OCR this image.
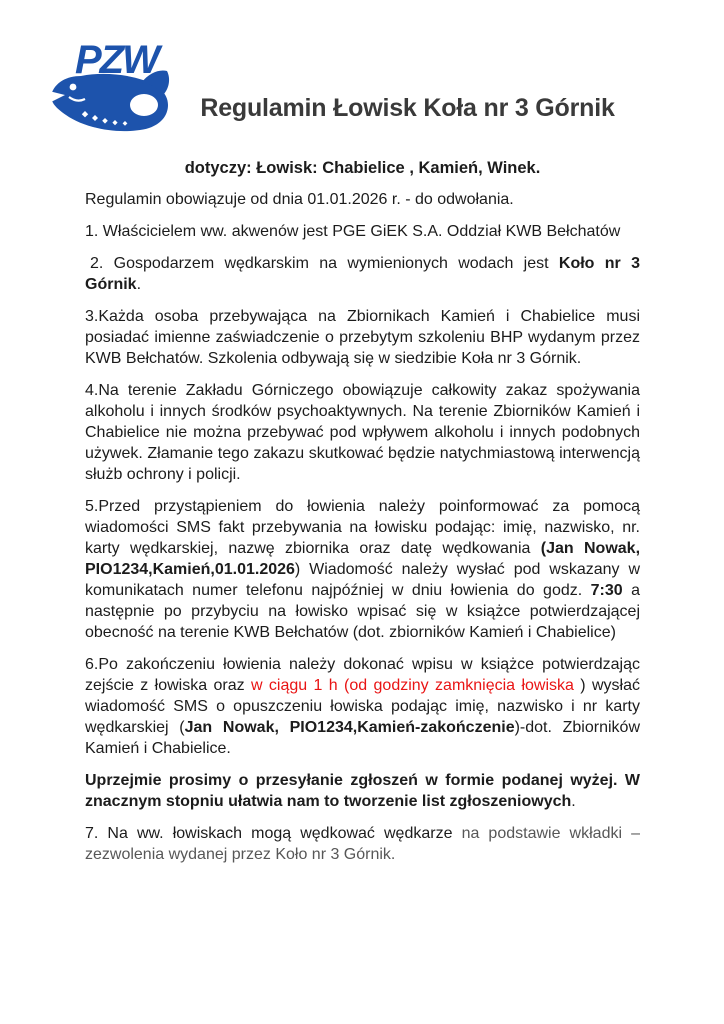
PZW
Regulamin Łowisk Koła nr 3 Górnik
dotyczy: Łowisk: Chabielice , Kamień, Winek.

Regulamin obowiązuje od dnia 01.01.2026 r. - do odwołania.

1. Właścicielem ww. akwenów jest PGE GiEK S.A. Oddział KWB Bełchatów

2. Gospodarzem wędkarskim na wymienionych wodach jest Koło nr 3 Górnik.

3.Każda osoba przebywająca na Zbiornikach Kamień i Chabielice musi posiadać imienne zaświadczenie o przebytym szkoleniu BHP wydanym przez KWB Bełchatów. Szkolenia odbywają się w siedzibie Koła nr 3 Górnik.

4.Na terenie Zakładu Górniczego obowiązuje całkowity zakaz spożywania alkoholu i innych środków psychoaktywnych. Na terenie Zbiorników Kamień i Chabielice nie można przebywać pod wpływem alkoholu i innych podobnych używek. Złamanie tego zakazu skutkować będzie natychmiastową interwencją służb ochrony i policji.

5.Przed przystąpieniem do łowienia należy poinformować za pomocą wiadomości SMS fakt przebywania na łowisku podając: imię, nazwisko, nr. karty wędkarskiej, nazwę zbiornika oraz datę wędkowania (Jan Nowak, PIO1234,Kamień,01.01.2026) Wiadomość należy wysłać pod wskazany w komunikatach numer telefonu najpóźniej w dniu łowienia do godz. 7:30 a następnie po przybyciu na łowisko wpisać się w książce potwierdzającej obecność na terenie KWB Bełchatów (dot. zbiorników Kamień i Chabielice)

6.Po zakończeniu łowienia należy dokonać wpisu w książce potwierdzając zejście z łowiska oraz w ciągu 1 h (od godziny zamknięcia łowiska ) wysłać wiadomość SMS o opuszczeniu łowiska podając imię, nazwisko i nr karty wędkarskiej (Jan Nowak, PIO1234,Kamień-zakończenie)-dot. Zbiorników Kamień i Chabielice.

Uprzejmie prosimy o przesyłanie zgłoszeń w formie podanej wyżej. W znacznym stopniu ułatwia nam to tworzenie list zgłoszeniowych.

7. Na ww. łowiskach mogą wędkować wędkarze na podstawie wkładki – zezwolenia wydanej przez Koło nr 3 Górnik.
